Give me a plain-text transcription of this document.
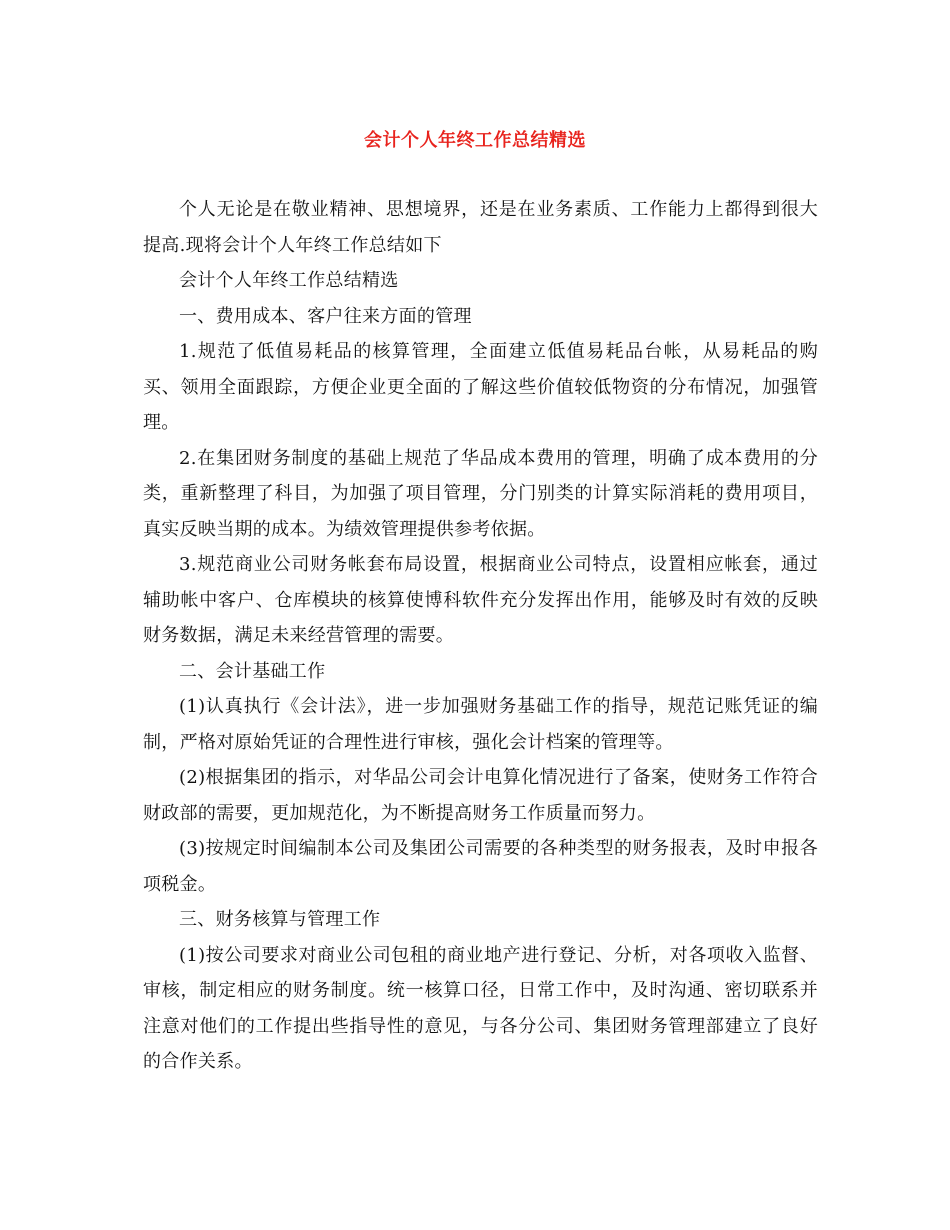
会计个人年终工作总结精选

个人无论是在敬业精神、思想境界，还是在业务素质、工作能力上都得到很大提高.现将会计个人年终工作总结如下

会计个人年终工作总结精选

一、费用成本、客户往来方面的管理

1.规范了低值易耗品的核算管理，全面建立低值易耗品台帐，从易耗品的购买、领用全面跟踪，方便企业更全面的了解这些价值较低物资的分布情况，加强管理。

2.在集团财务制度的基础上规范了华品成本费用的管理，明确了成本费用的分类，重新整理了科目，为加强了项目管理，分门别类的计算实际消耗的费用项目，真实反映当期的成本。为绩效管理提供参考依据。

3.规范商业公司财务帐套布局设置，根据商业公司特点，设置相应帐套，通过辅助帐中客户、仓库模块的核算使博科软件充分发挥出作用，能够及时有效的反映财务数据，满足未来经营管理的需要。

二、会计基础工作

(1)认真执行《会计法》，进一步加强财务基础工作的指导，规范记账凭证的编制，严格对原始凭证的合理性进行审核，强化会计档案的管理等。

(2)根据集团的指示，对华品公司会计电算化情况进行了备案，使财务工作符合财政部的需要，更加规范化，为不断提高财务工作质量而努力。

(3)按规定时间编制本公司及集团公司需要的各种类型的财务报表，及时申报各项税金。

三、财务核算与管理工作

(1)按公司要求对商业公司包租的商业地产进行登记、分析，对各项收入监督、审核，制定相应的财务制度。统一核算口径，日常工作中，及时沟通、密切联系并注意对他们的工作提出些指导性的意见，与各分公司、集团财务管理部建立了良好的合作关系。
